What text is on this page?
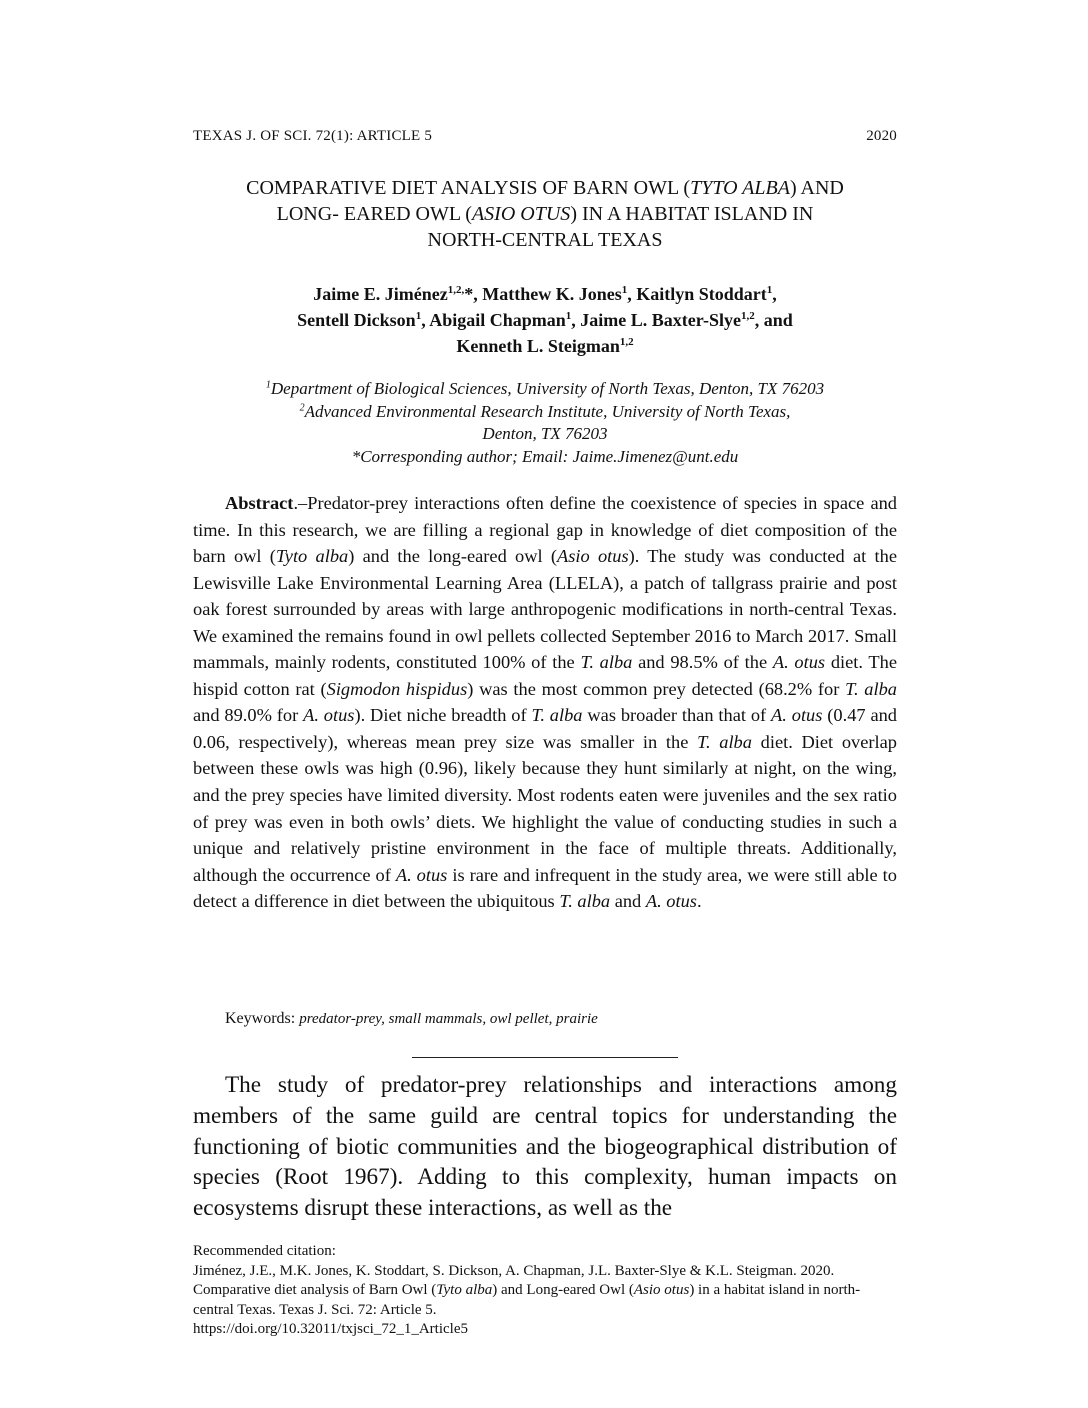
TEXAS J. OF SCI. 72(1): ARTICLE 5	2020
COMPARATIVE DIET ANALYSIS OF BARN OWL (TYTO ALBA) AND
LONG- EARED OWL (ASIO OTUS) IN A HABITAT ISLAND IN
NORTH-CENTRAL TEXAS
Jaime E. Jiménez$^{1,2,}$*, Matthew K. Jones$^1$, Kaitlyn Stoddart$^1$,
Sentell Dickson$^1$, Abigail Chapman$^1$, Jaime L. Baxter-Slye$^{1,2}$, and
Kenneth L. Steigman$^{1,2}$
$^1$Department of Biological Sciences, University of North Texas, Denton, TX 76203
$^2$Advanced Environmental Research Institute, University of North Texas,
Denton, TX 76203
*Corresponding author; Email: Jaime.Jimenez@unt.edu

Abstract.–Predator-prey interactions often define the coexistence of species in space and time. In this research, we are filling a regional gap in knowledge of diet composition of the barn owl (Tyto alba) and the long-eared owl (Asio otus). The study was conducted at the Lewisville Lake Environmental Learning Area (LLELA), a patch of tallgrass prairie and post oak forest surrounded by areas with large anthropogenic modifications in north-central Texas. We examined the remains found in owl pellets collected September 2016 to March 2017. Small mammals, mainly rodents, constituted 100% of the T. alba and 98.5% of the A. otus diet. The hispid cotton rat (Sigmodon hispidus) was the most common prey detected (68.2% for T. alba and 89.0% for A. otus). Diet niche breadth of T. alba was broader than that of A. otus (0.47 and 0.06, respectively), whereas mean prey size was smaller in the T. alba diet. Diet overlap between these owls was high (0.96), likely because they hunt similarly at night, on the wing, and the prey species have limited diversity. Most rodents eaten were juveniles and the sex ratio of prey was even in both owls’ diets. We highlight the value of conducting studies in such a unique and relatively pristine environment in the face of multiple threats. Additionally, although the occurrence of A. otus is rare and infrequent in the study area, we were still able to detect a difference in diet between the ubiquitous T. alba and A. otus.

Keywords: predator-prey, small mammals, owl pellet, prairie

The study of predator-prey relationships and interactions among members of the same guild are central topics for understanding the functioning of biotic communities and the biogeographical distribution of species (Root 1967). Adding to this complexity, human impacts on ecosystems disrupt these interactions, as well as the

Recommended citation:
Jiménez, J.E., M.K. Jones, K. Stoddart, S. Dickson, A. Chapman, J.L. Baxter-Slye & K.L. Steigman. 2020. Comparative diet analysis of Barn Owl (Tyto alba) and Long-eared Owl (Asio otus) in a habitat island in north-central Texas. Texas J. Sci. 72: Article 5.
https://doi.org/10.32011/txjsci_72_1_Article5
